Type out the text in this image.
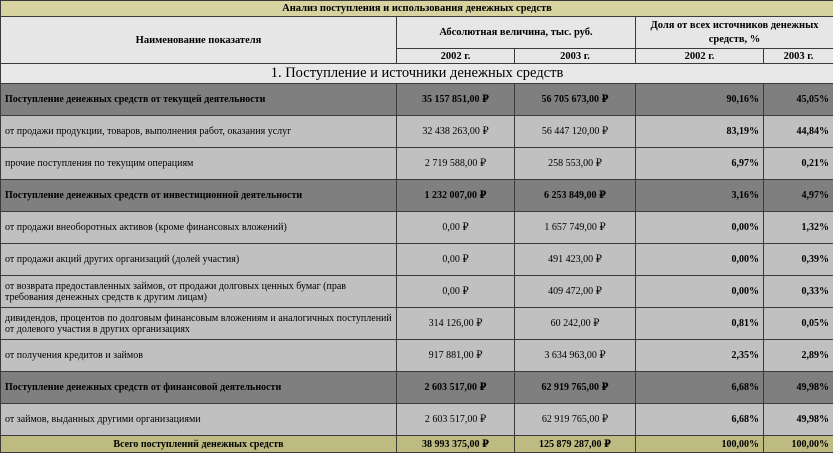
Анализ поступления и использования денежных средств				
Наименование показателя	Абсолютная величина, тыс. руб.		Доля от всех источников денежных средств, %	
	2002 г.	2003 г.	2002 г.	2003 г.
1. Поступление и источники денежных средств				
Поступление денежных средств от текущей деятельности	35 157 851,00 ₽	56 705 673,00 ₽	90,16%	45,05%
от продажи продукции, товаров, выполнения работ, оказания услуг	32 438 263,00 ₽	56 447 120,00 ₽	83,19%	44,84%
прочие поступления по текущим операциям	2 719 588,00 ₽	258 553,00 ₽	6,97%	0,21%
Поступление денежных средств от инвестиционной деятельности	1 232 007,00 ₽	6 253 849,00 ₽	3,16%	4,97%
от продажи внеоборотных активов (кроме финансовых вложений)	0,00 ₽	1 657 749,00 ₽	0,00%	1,32%
от продажи акций других организаций (долей участия)	0,00 ₽	491 423,00 ₽	0,00%	0,39%
от возврата предоставленных займов, от продажи долговых ценных бумаг (прав требования денежных средств к другим лицам)	0,00 ₽	409 472,00 ₽	0,00%	0,33%
дивидендов, процентов по долговым финансовым вложениям и аналогичных поступлений от долевого участия в других организациях	314 126,00 ₽	60 242,00 ₽	0,81%	0,05%
от получения кредитов и займов	917 881,00 ₽	3 634 963,00 ₽	2,35%	2,89%
Поступление денежных средств от финансовой деятельности	2 603 517,00 ₽	62 919 765,00 ₽	6,68%	49,98%
от займов, выданных другими организациями	2 603 517,00 ₽	62 919 765,00 ₽	6,68%	49,98%
Всего поступлений денежных средств	38 993 375,00 ₽	125 879 287,00 ₽	100,00%	100,00%
